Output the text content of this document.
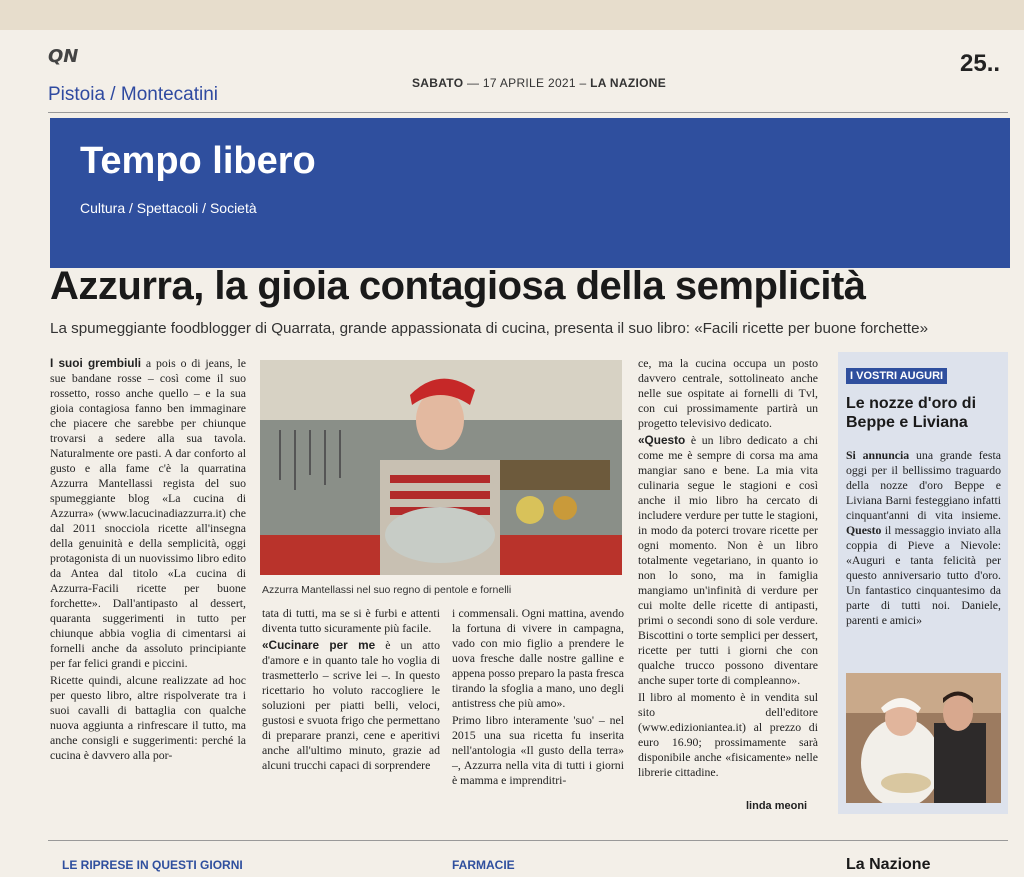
QN
SABATO — 17 APRILE 2021 – LA NAZIONE
25..
Pistoia / Montecatini
Tempo libero
Cultura / Spettacoli / Società
Azzurra, la gioia contagiosa della semplicità
La spumeggiante foodblogger di Quarrata, grande appassionata di cucina, presenta il suo libro: «Facili ricette per buone forchette»

I suoi grembiuli a pois o di jeans, le sue bandane rosse – così come il suo rossetto, rosso anche quello – e la sua gioia contagiosa fanno ben immaginare che piacere che sarebbe per chiunque trovarsi a sedere alla sua tavola. Naturalmente ore pasti. A dar conforto al gusto e alla fame c'è la quarratina Azzurra Mantellassi regista del suo spumeggiante blog «La cucina di Azzurra» (www.lacucinadiazzurra.it) che dal 2011 snocciola ricette all'insegna della genuinità e della semplicità, oggi protagonista di un nuovissimo libro edito da Antea dal titolo «La cucina di Azzurra-Facili ricette per buone forchette». Dall'antipasto al dessert, quaranta suggerimenti in tutto per chiunque abbia voglia di cimentarsi ai fornelli anche da assoluto principiante per far felici grandi e piccini.

Ricette quindi, alcune realizzate ad hoc per questo libro, altre rispolverate tra i suoi cavalli di battaglia con qualche nuova aggiunta a rinfrescare il tutto, ma anche consigli e suggerimenti: perché la cucina è davvero alla por-

Azzurra Mantellassi nel suo regno di pentole e fornelli

tata di tutti, ma se si è furbi e attenti diventa tutto sicuramente più facile.

«Cucinare per me è un atto d'amore e in quanto tale ho voglia di trasmetterlo – scrive lei –. In questo ricettario ho voluto raccogliere le soluzioni per piatti belli, veloci, gustosi e svuota frigo che permettano di preparare pranzi, cene e aperitivi anche all'ultimo minuto, grazie ad alcuni trucchi capaci di sorprendere

i commensali. Ogni mattina, avendo la fortuna di vivere in campagna, vado con mio figlio a prendere le uova fresche dalle nostre galline e appena posso preparo la pasta fresca tirando la sfoglia a mano, uno degli antistress che più amo».

Primo libro interamente 'suo' – nel 2015 una sua ricetta fu inserita nell'antologia «Il gusto della terra» –, Azzurra nella vita di tutti i giorni è mamma e imprenditri-

ce, ma la cucina occupa un posto davvero centrale, sottolineato anche nelle sue ospitate ai fornelli di Tvl, con cui prossimamente partirà un progetto televisivo dedicato.

«Questo è un libro dedicato a chi come me è sempre di corsa ma ama mangiar sano e bene. La mia vita culinaria segue le stagioni e così anche il mio libro ha cercato di includere verdure per tutte le stagioni, in modo da poterci trovare ricette per ogni momento. Non è un libro totalmente vegetariano, in quanto io non lo sono, ma in famiglia mangiamo un'infinità di verdure per cui molte delle ricette di antipasti, primi o secondi sono di sole verdure. Biscottini o torte semplici per dessert, ricette per tutti i giorni che con qualche trucco possono diventare anche super torte di compleanno».

Il libro al momento è in vendita sul sito dell'editore (www.edizioniantea.it) al prezzo di euro 16.90; prossimamente sarà disponibile anche «fisicamente» nelle librerie cittadine.

linda meoni
I VOSTRI AUGURI
Le nozze d'oro di Beppe e Liviana
Si annuncia una grande festa oggi per il bellissimo traguardo della nozze d'oro Beppe e Liviana Barni festeggiano infatti cinquant'anni di vita insieme. Questo il messaggio inviato alla coppia di Pieve a Nievole: «Auguri e tanta felicità per questo anniversario tutto d'oro. Un fantastico cinquantesimo da parte di tutti noi. Daniele, parenti e amici»
LE RIPRESE IN QUESTI GIORNI	FARMACIE	La Nazione
